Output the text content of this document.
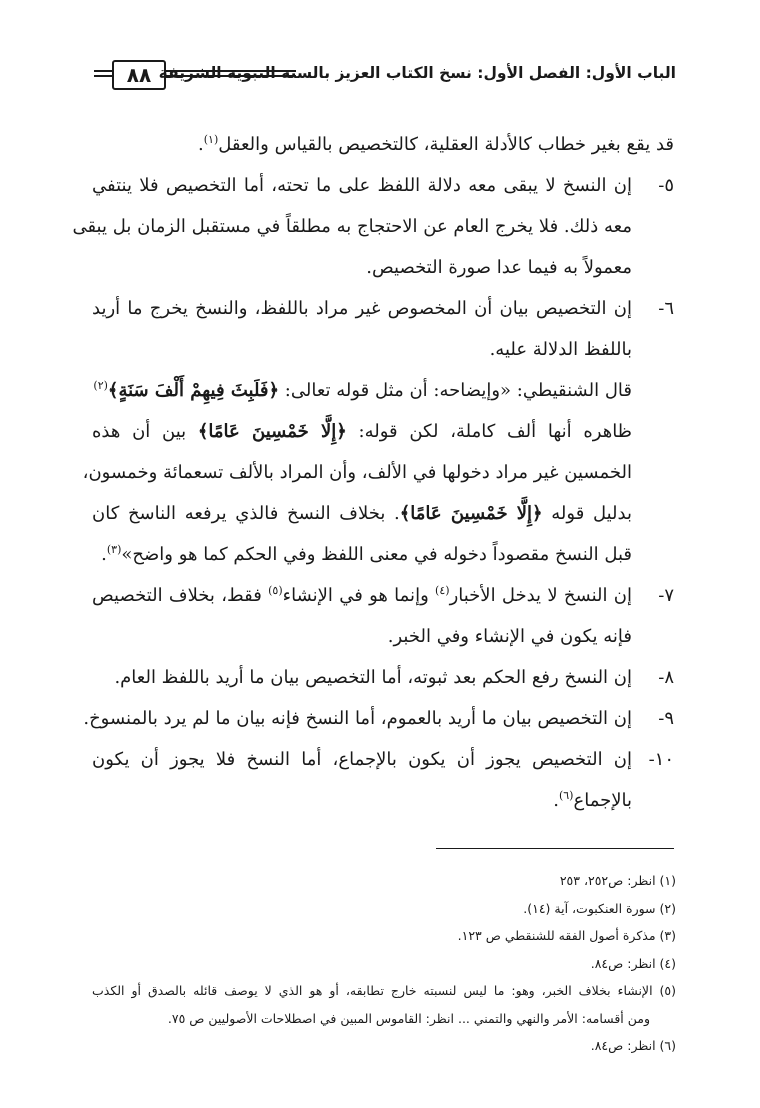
٨٨ الباب الأول: الفصل الأول: نسخ الكتاب العزيز بالسنة النبوية الشريفة
قد يقع بغير خطاب كالأدلة العقلية، كالتخصيص بالقياس والعقل$^{(١)}$.
٥-
إن النسخ لا يبقى معه دلالة اللفظ على ما تحته، أما التخصيص فلا ينتفي
معه ذلك. فلا يخرج العام عن الاحتجاج به مطلقاً في مستقبل الزمان بل يبقى
معمولاً به فيما عدا صورة التخصيص.
٦-
إن التخصيص بيان أن المخصوص غير مراد باللفظ، والنسخ يخرج ما أريد
باللفظ الدلالة عليه.
قال الشنقيطي: «وإيضاحه: أن مثل قوله تعالى: ﴿فَلَبِثَ فِيهِمْ أَلْفَ سَنَةٍ﴾$^{(٢)}$
ظاهره أنها ألف كاملة، لكن قوله: ﴿إِلَّا خَمْسِينَ عَامًا﴾ بين أن هذه
الخمسين غير مراد دخولها في الألف، وأن المراد بالألف تسعمائة وخمسون،
بدليل قوله ﴿إِلَّا خَمْسِينَ عَامًا﴾. بخلاف النسخ فالذي يرفعه الناسخ كان
قبل النسخ مقصوداً دخوله في معنى اللفظ وفي الحكم كما هو واضح»$^{(٣)}$.
٧-
إن النسخ لا يدخل الأخبار$^{(٤)}$ وإنما هو في الإنشاء$^{(٥)}$ فقط، بخلاف التخصيص
فإنه يكون في الإنشاء وفي الخبر.
٨-
إن النسخ رفع الحكم بعد ثبوته، أما التخصيص بيان ما أريد باللفظ العام.
٩-
إن التخصيص بيان ما أريد بالعموم، أما النسخ فإنه بيان ما لم يرد بالمنسوخ.
١٠-
إن التخصيص يجوز أن يكون بالإجماع، أما النسخ فلا يجوز أن يكون
بالإجماع$^{(٦)}$.
(١) انظر: ص٢٥٢، ٢٥٣
(٢) سورة العنكبوت، آية (١٤).
(٣) مذكرة أصول الفقه للشنقطي ص ١٢٣.
(٤) انظر: ص٨٤.
(٥) الإنشاء بخلاف الخبر، وهو: ما ليس لنسبته خارج تطابقه، أو هو الذي لا يوصف قائله بالصدق أو الكذب
ومن أقسامه: الأمر والنهي والتمني ... انظر: القاموس المبين في اصطلاحات الأصوليين ص ٧٥.
(٦) انظر: ص٨٤.
